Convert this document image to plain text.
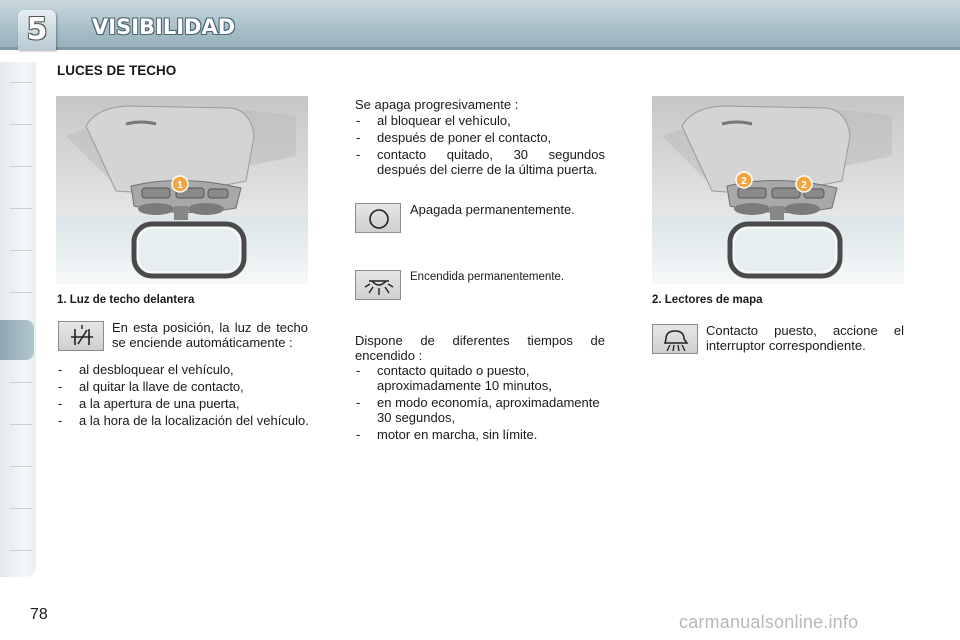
5	VISIBILIDAD
LUCES DE TECHO
1
1. Luz de techo delantera
En esta posición, la luz de techo se enciende automáticamente :
- al desbloquear el vehículo,
- al quitar la llave de contacto,
- a la apertura de una puerta,
- a la hora de la localización del vehículo.
Se apaga progresivamente :
- al bloquear el vehículo,
- después de poner el contacto,
- contacto quitado, 30 segundos después del cierre de la última puerta.
Apagada permanentemente.
Encendida permanentemente.
Dispone de diferentes tiempos de encendido :
- contacto quitado o puesto, aproximadamente 10 minutos,
- en modo economía, aproximadamente 30 segundos,
- motor en marcha, sin límite.
2	2
2. Lectores de mapa
Contacto puesto, accione el interruptor correspondiente.
78	carmanualsonline.info
